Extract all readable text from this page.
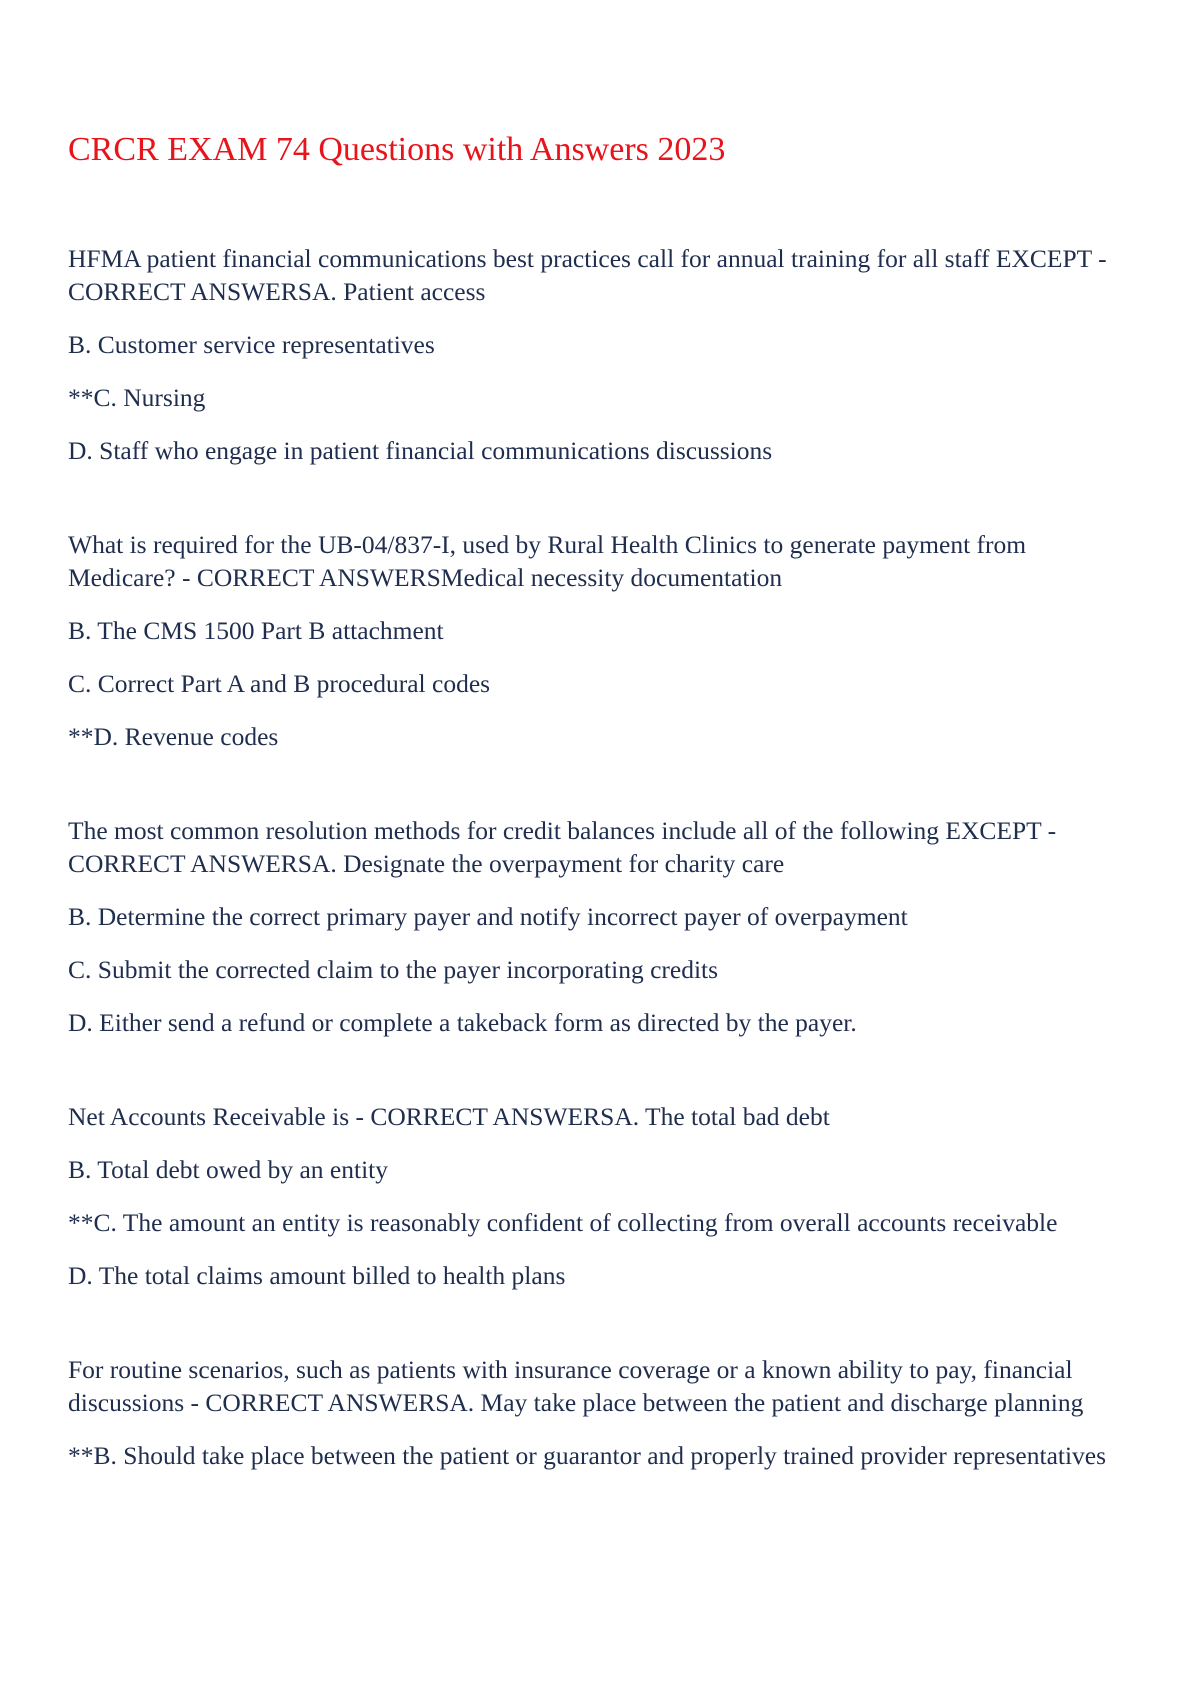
CRCR EXAM 74 Questions with Answers 2023

HFMA patient financial communications best practices call for annual training for all staff EXCEPT - CORRECT ANSWERSA. Patient access

B. Customer service representatives

**C. Nursing

D. Staff who engage in patient financial communications discussions

What is required for the UB-04/837-I, used by Rural Health Clinics to generate payment from Medicare? - CORRECT ANSWERSMedical necessity documentation

B. The CMS 1500 Part B attachment

C. Correct Part A and B procedural codes

**D. Revenue codes

The most common resolution methods for credit balances include all of the following EXCEPT - CORRECT ANSWERSA. Designate the overpayment for charity care

B. Determine the correct primary payer and notify incorrect payer of overpayment

C. Submit the corrected claim to the payer incorporating credits

D. Either send a refund or complete a takeback form as directed by the payer.

Net Accounts Receivable is - CORRECT ANSWERSA. The total bad debt

B. Total debt owed by an entity

**C. The amount an entity is reasonably confident of collecting from overall accounts receivable

D. The total claims amount billed to health plans

For routine scenarios, such as patients with insurance coverage or a known ability to pay, financial discussions - CORRECT ANSWERSA. May take place between the patient and discharge planning

**B. Should take place between the patient or guarantor and properly trained provider representatives
